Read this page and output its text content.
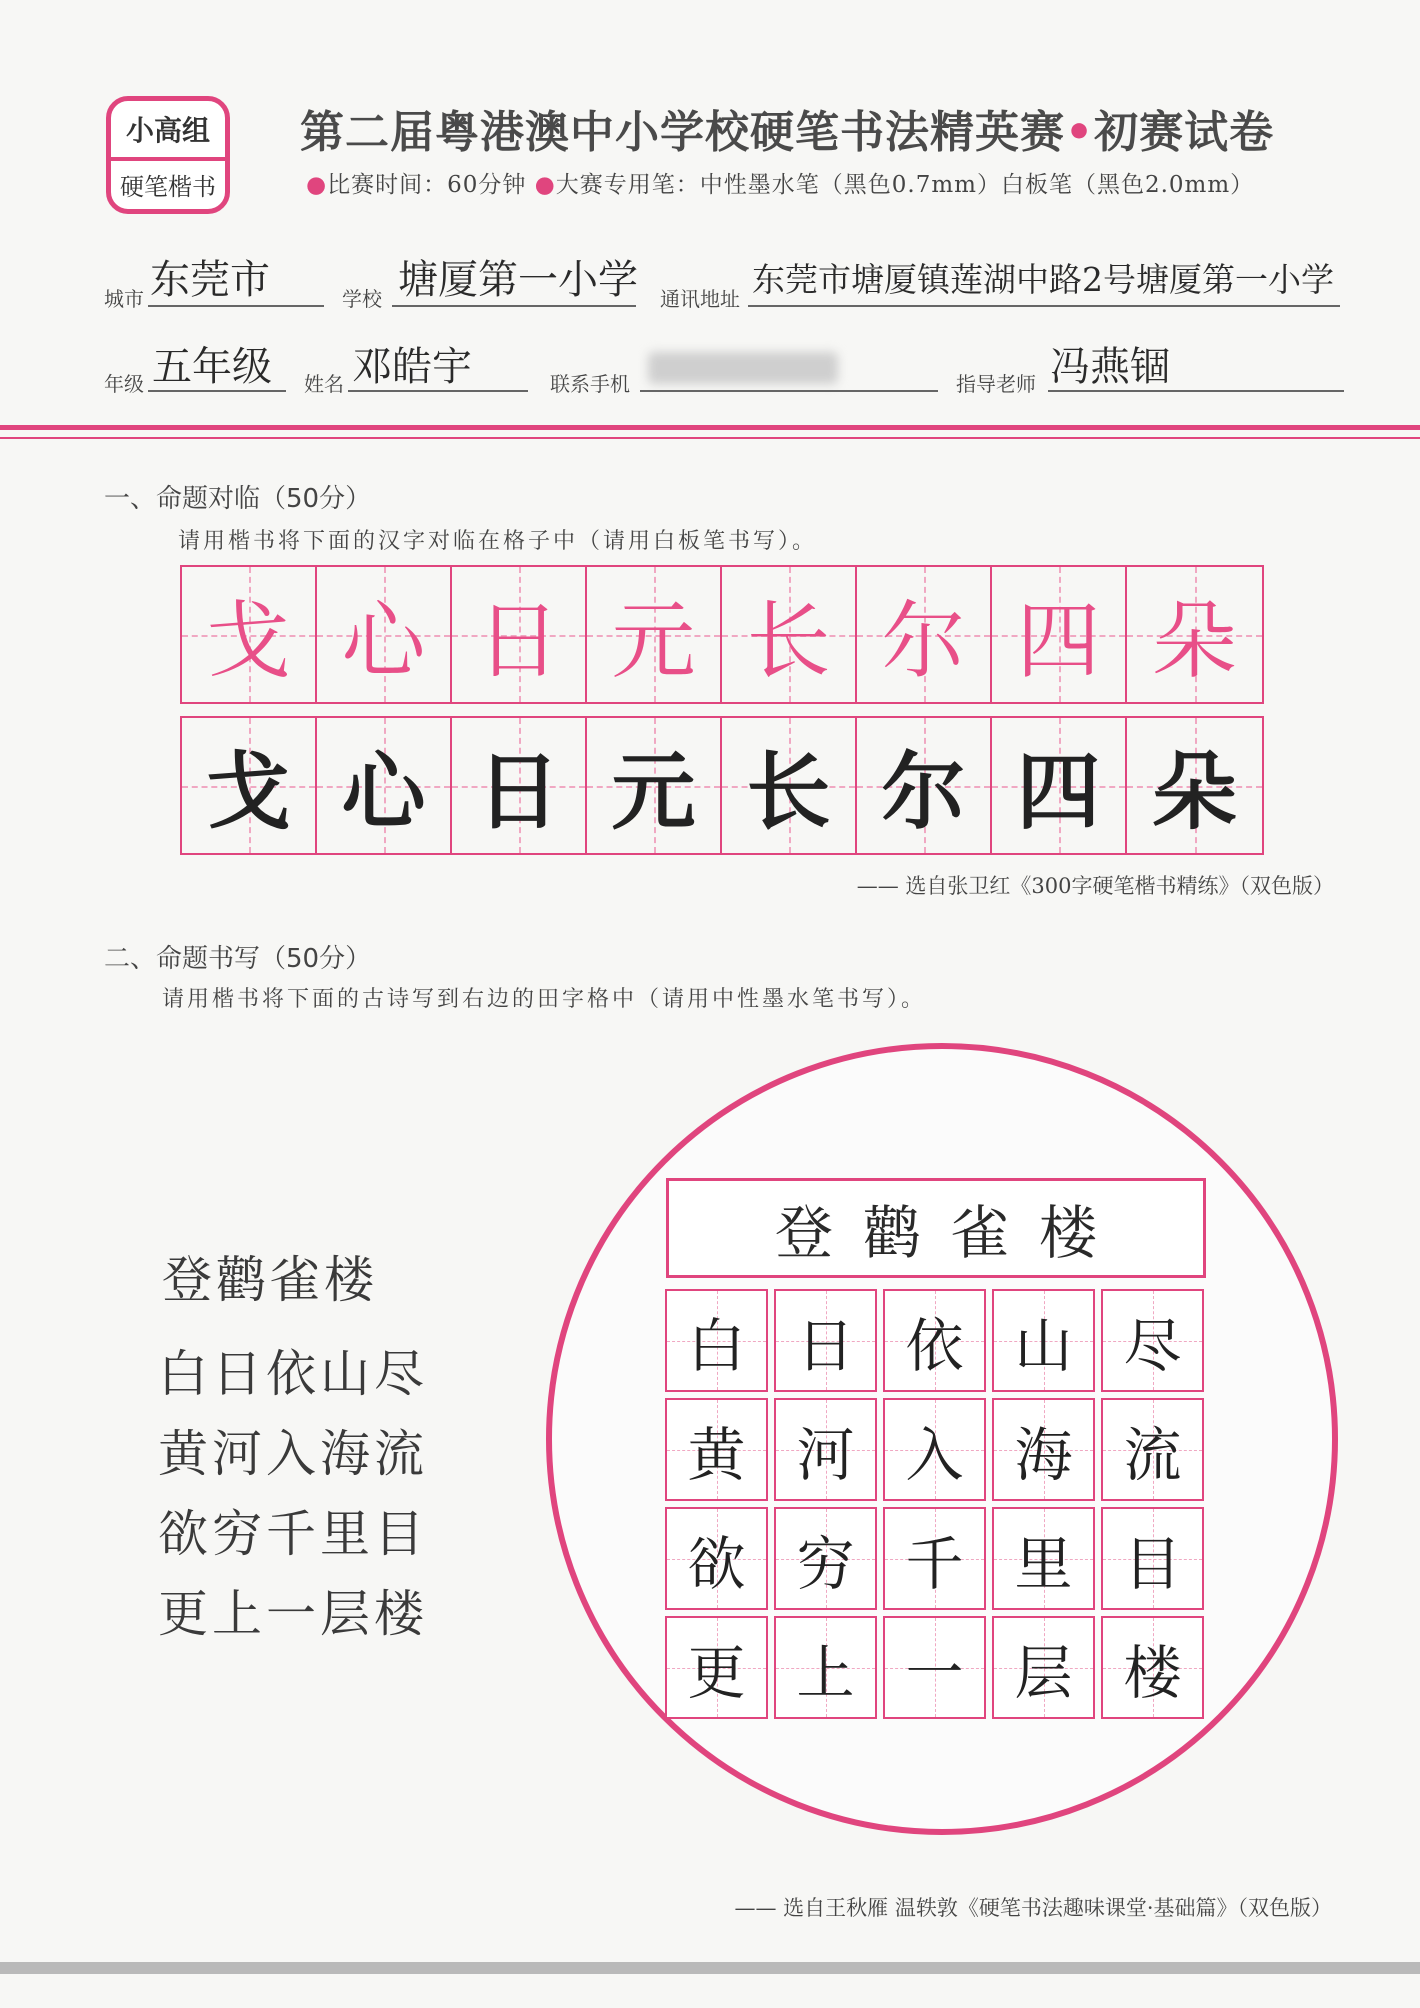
小高组
硬笔楷书
第二届粤港澳中小学校硬笔书法精英赛•初赛试卷
●比赛时间：60分钟 ●大赛专用笔：中性墨水笔（黑色0.7mm）白板笔（黑色2.0mm）
城市 东莞市	学校 塘厦第一小学 通讯地址 东莞市塘厦镇莲湖中路2号塘厦第一小学
年级 五年级 姓名 邓皓宇	联系手机	指导老师 冯燕锢
一、命题对临（50分）
请用楷书将下面的汉字对临在格子中（请用白板笔书写）。
戈 心 日 元 长 尔 四 朵
戈 心 日 元 长 尔 四 朵
—— 选自张卫红《300字硬笔楷书精练》（双色版）
二、命题书写（50分）
请用楷书将下面的古诗写到右边的田字格中（请用中性墨水笔书写）。
登鹳雀楼
白日依山尽
黄河入海流
欲穷千里目
更上一层楼
登鹳雀楼
白 日 依 山 尽
黄 河 入 海 流
欲 穷 千 里 目
更 上 一 层 楼
—— 选自王秋雁 温轶敦《硬笔书法趣味课堂·基础篇》（双色版）
